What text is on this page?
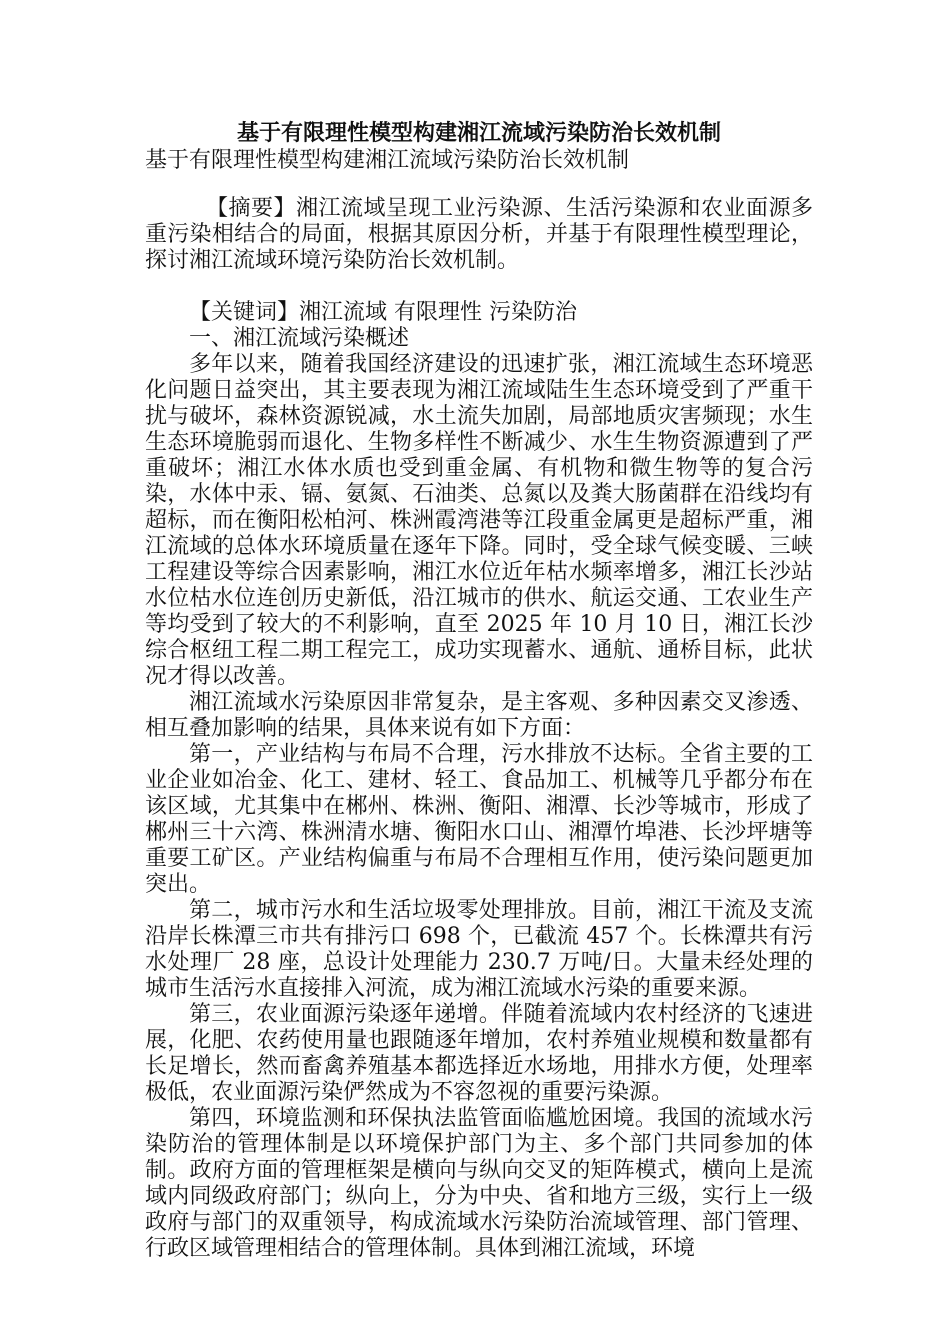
基于有限理性模型构建湘江流域污染防治长效机制

基于有限理性模型构建湘江流域污染防治长效机制

【摘要】湘江流域呈现工业污染源、生活污染源和农业面源多重污染相结合的局面，根据其原因分析，并基于有限理性模型理论，探讨湘江流域环境污染防治长效机制。

【关键词】湘江流域 有限理性 污染防治

一、湘江流域污染概述

多年以来，随着我国经济建设的迅速扩张，湘江流域生态环境恶化问题日益突出，其主要表现为湘江流域陆生生态环境受到了严重干扰与破坏，森林资源锐减，水土流失加剧，局部地质灾害频现；水生生态环境脆弱而退化、生物多样性不断减少、水生生物资源遭到了严重破坏；湘江水体水质也受到重金属、有机物和微生物等的复合污染，水体中汞、镉、氨氮、石油类、总氮以及粪大肠菌群在沿线均有超标，而在衡阳松柏河、株洲霞湾港等江段重金属更是超标严重，湘江流域的总体水环境质量在逐年下降。同时，受全球气候变暖、三峡工程建设等综合因素影响，湘江水位近年枯水频率增多，湘江长沙站水位枯水位连创历史新低，沿江城市的供水、航运交通、工农业生产等均受到了较大的不利影响，直至 2025 年 10 月 10 日，湘江长沙综合枢纽工程二期工程完工，成功实现蓄水、通航、通桥目标，此状况才得以改善。

湘江流域水污染原因非常复杂，是主客观、多种因素交叉渗透、相互叠加影响的结果，具体来说有如下方面：

第一，产业结构与布局不合理，污水排放不达标。全省主要的工业企业如冶金、化工、建材、轻工、食品加工、机械等几乎都分布在该区域，尤其集中在郴州、株洲、衡阳、湘潭、长沙等城市，形成了郴州三十六湾、株洲清水塘、衡阳水口山、湘潭竹埠港、长沙坪塘等重要工矿区。产业结构偏重与布局不合理相互作用，使污染问题更加突出。

第二，城市污水和生活垃圾零处理排放。目前，湘江干流及支流沿岸长株潭三市共有排污口 698 个，已截流 457 个。长株潭共有污水处理厂 28 座，总设计处理能力 230.7 万吨/日。大量未经处理的城市生活污水直接排入河流，成为湘江流域水污染的重要来源。

第三，农业面源污染逐年递增。伴随着流域内农村经济的飞速进展，化肥、农药使用量也跟随逐年增加，农村养殖业规模和数量都有长足增长，然而畜禽养殖基本都选择近水场地，用排水方便，处理率极低，农业面源污染俨然成为不容忽视的重要污染源。

第四，环境监测和环保执法监管面临尴尬困境。我国的流域水污染防治的管理体制是以环境保护部门为主、多个部门共同参加的体制。政府方面的管理框架是横向与纵向交叉的矩阵模式，横向上是流域内同级政府部门；纵向上，分为中央、省和地方三级，实行上一级政府与部门的双重领导，构成流域水污染防治流域管理、部门管理、行政区域管理相结合的管理体制。具体到湘江流域，环境
